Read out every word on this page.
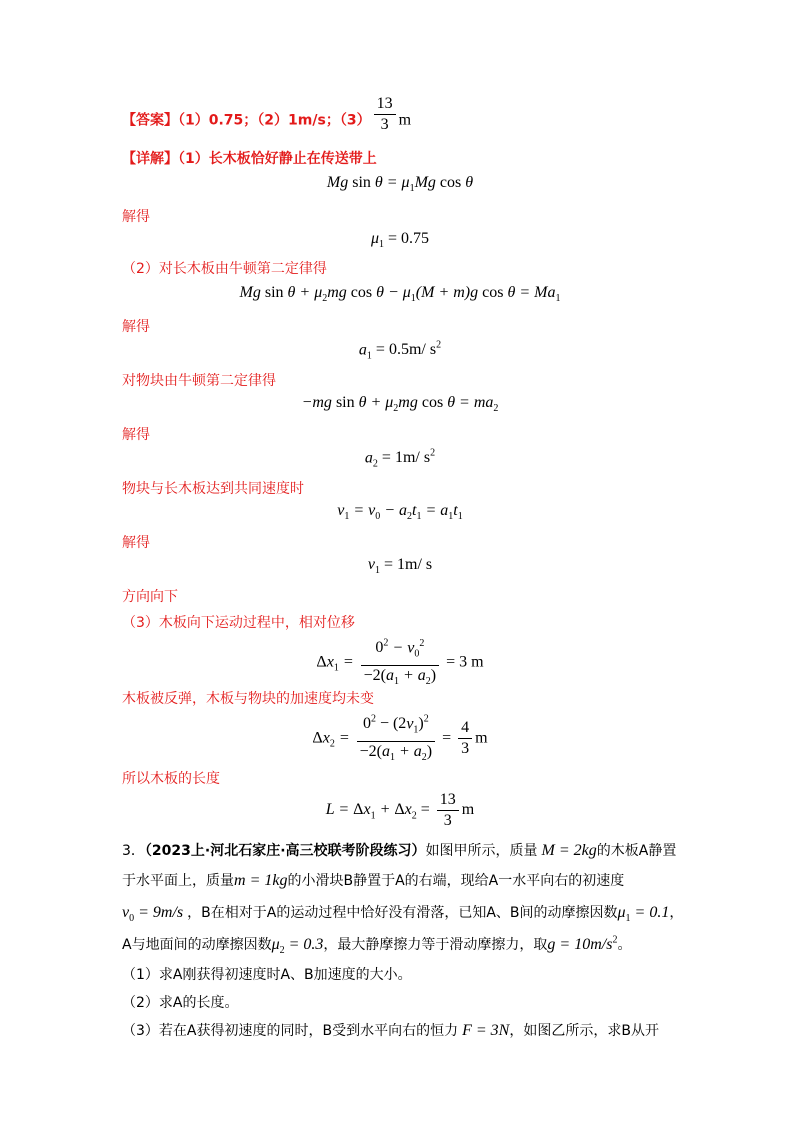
【答案】（1）0.75；（2）1m/s；$(3) \frac{13}{3}$ m
【详解】（1）长木板恰好静止在传送带上
Mg $\sin \theta = \mu_1Mg$ cos θ
解得
$\mu_1 = 0.75$
（2）对长木板由牛顿第二定律得
Mg $\sin \theta + \mu_2mg$ $\cos \theta - \mu_1(M + m)g$ $\cos \theta = Ma_1$
解得
$a_1 = 0.5m/$ $s^2$
对物块由牛顿第二定律得
−mg $\sin \theta + \mu_2mg$ $\cos \theta = ma_2$
解得
$a_2 = 1m/$ $s^2$
物块与长木板达到共同速度时
$v_1 = v_0 - a_2t_1 = a_1t_1$
解得
$v_1 = 1m/$ s
方向向下
（3）木板向下运动过程中，相对位移
$\Delta x_1 = \frac{0^2 - v_0^2}{-2(a_1 + a_2)} = 3$ m
木板被反弹，木板与物块的加速度均未变
$\Delta x_2 = \frac{0^2 - (2v_1)^2}{-2(a_1 + a_2)} = \frac{4}{3}$ m
所以木板的长度
$L = \Delta x_1 + \Delta x_2 = \frac{13}{3}$ m
3．（2023上·河北石家庄·高三校联考阶段练习）如图甲所示，质量 M = 2kg的木板A静置
于水平面上，质量m = 1kg的小滑块B静置于A的右端，现给A一水平向右的初速度
$v_0 = 9m/s$ ，B在相对于A的运动过程中恰好没有滑落，已知A、B间的动摩擦因数$\mu_1 = 0.1$，
A与地面间的动摩擦因数$\mu_2 = 0.3$，最大静摩擦力等于滑动摩擦力，取$g = 10m/s^2$。
（1）求A刚获得初速度时A、B加速度的大小。
（2）求A的长度。
（3）若在A获得初速度的同时，B受到水平向右的恒力 F = 3N，如图乙所示，求B从开
